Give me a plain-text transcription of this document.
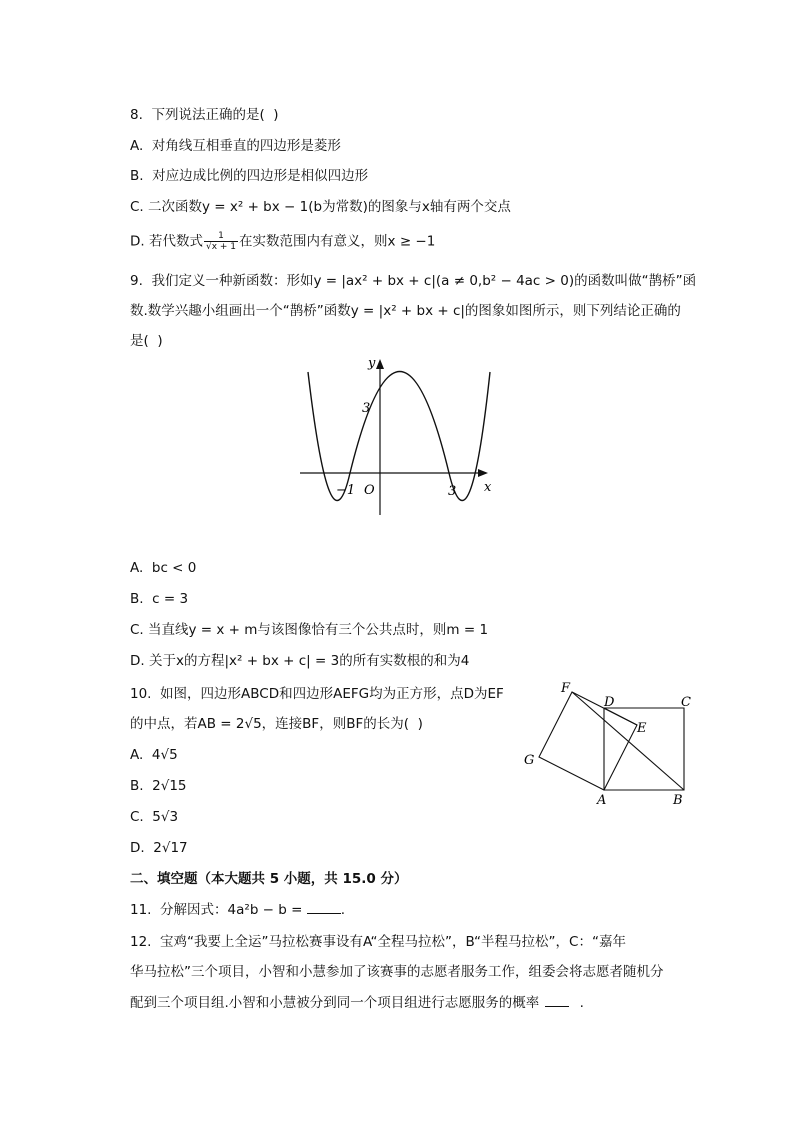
8.  下列说法正确的是(  )
A.  对角线互相垂直的四边形是菱形
B.  对应边成比例的四边形是相似四边形
C. 二次函数y = x² + bx − 1(b为常数)的图象与x轴有两个交点
D. 若代数式 $\frac{1}{√x + 1}$ 在实数范围内有意义，则x ≥ −1
9.  我们定义一种新函数：形如y = |ax² + bx + c|(a ≠ 0,b² − 4ac > 0)的函数叫做“鹊桥”函
数.数学兴趣小组画出一个“鹊桥”函数y = |x² + bx + c|的图象如图所示，则下列结论正确的
是(  )
y
x
O
−1	3
3
A.  bc < 0
B.  c = 3
C. 当直线y = x + m与该图像恰有三个公共点时，则m = 1
D. 关于x的方程|x² + bx + c| = 3的所有实数根的和为4
10.  如图，四边形ABCD和四边形AEFG均为正方形，点D为EF
的中点，若AB = 2√5，连接BF，则BF的长为(  )
A.  4√5
B.  2√15
C.  5√3
D.  2√17
F
D	C
E
G
A	B
二、填空题（本大题共 5 小题，共 15.0 分）
11.  分解因式：4a²b − b =	.
12.  宝鸡“我要上全运”马拉松赛事设有A“全程马拉松”，B“半程马拉松”，C：“嘉年
华马拉松”三个项目，小智和小慧参加了该赛事的志愿者服务工作，组委会将志愿者随机分
配到三个项目组.小智和小慧被分到同一个项目组进行志愿服务的概率	.
